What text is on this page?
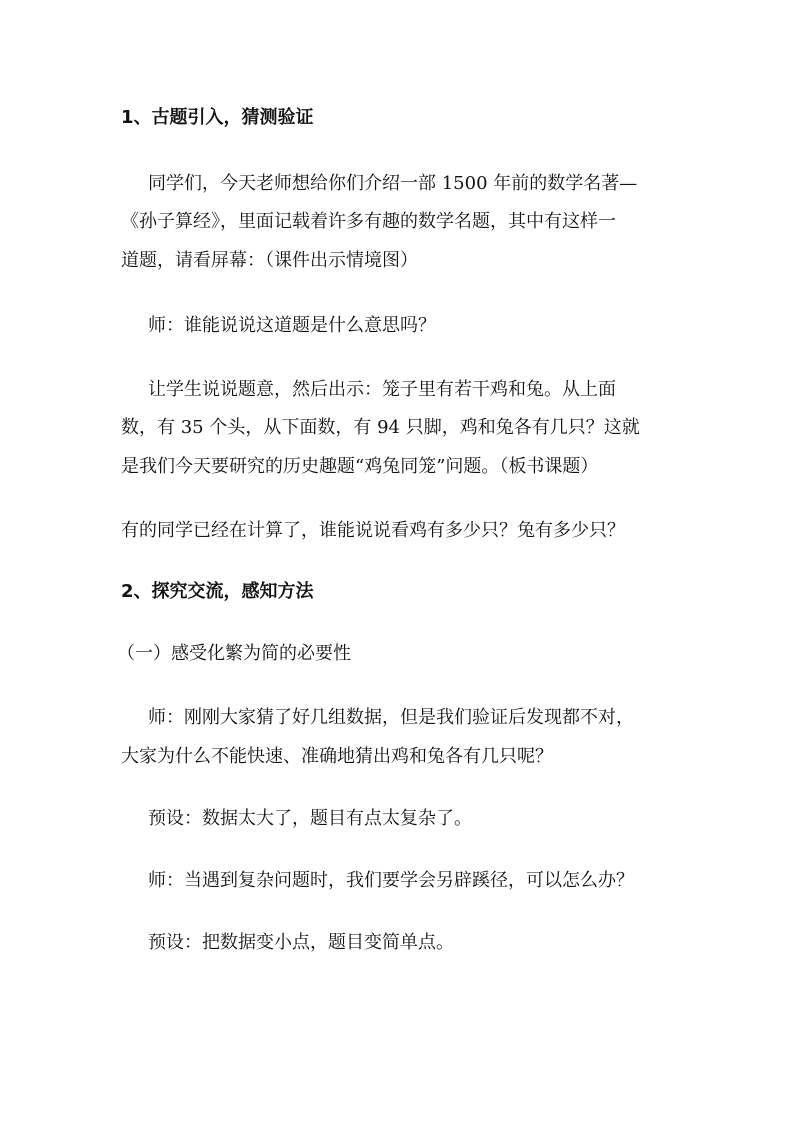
1、古题引入，猜测验证

同学们，今天老师想给你们介绍一部 1500 年前的数学名著—

《孙子算经》，里面记载着许多有趣的数学名题，其中有这样一

道题，请看屏幕：（课件出示情境图）

师：谁能说说这道题是什么意思吗？

让学生说说题意，然后出示：笼子里有若干鸡和兔。从上面

数，有 35 个头，从下面数，有 94 只脚，鸡和兔各有几只？这就

是我们今天要研究的历史趣题“鸡兔同笼”问题。（板书课题）

有的同学已经在计算了，谁能说说看鸡有多少只？兔有多少只？

2、探究交流，感知方法

（一）感受化繁为简的必要性

师：刚刚大家猜了好几组数据，但是我们验证后发现都不对，

大家为什么不能快速、准确地猜出鸡和兔各有几只呢？

预设：数据太大了，题目有点太复杂了。

师：当遇到复杂问题时，我们要学会另辟蹊径，可以怎么办？

预设：把数据变小点，题目变简单点。
